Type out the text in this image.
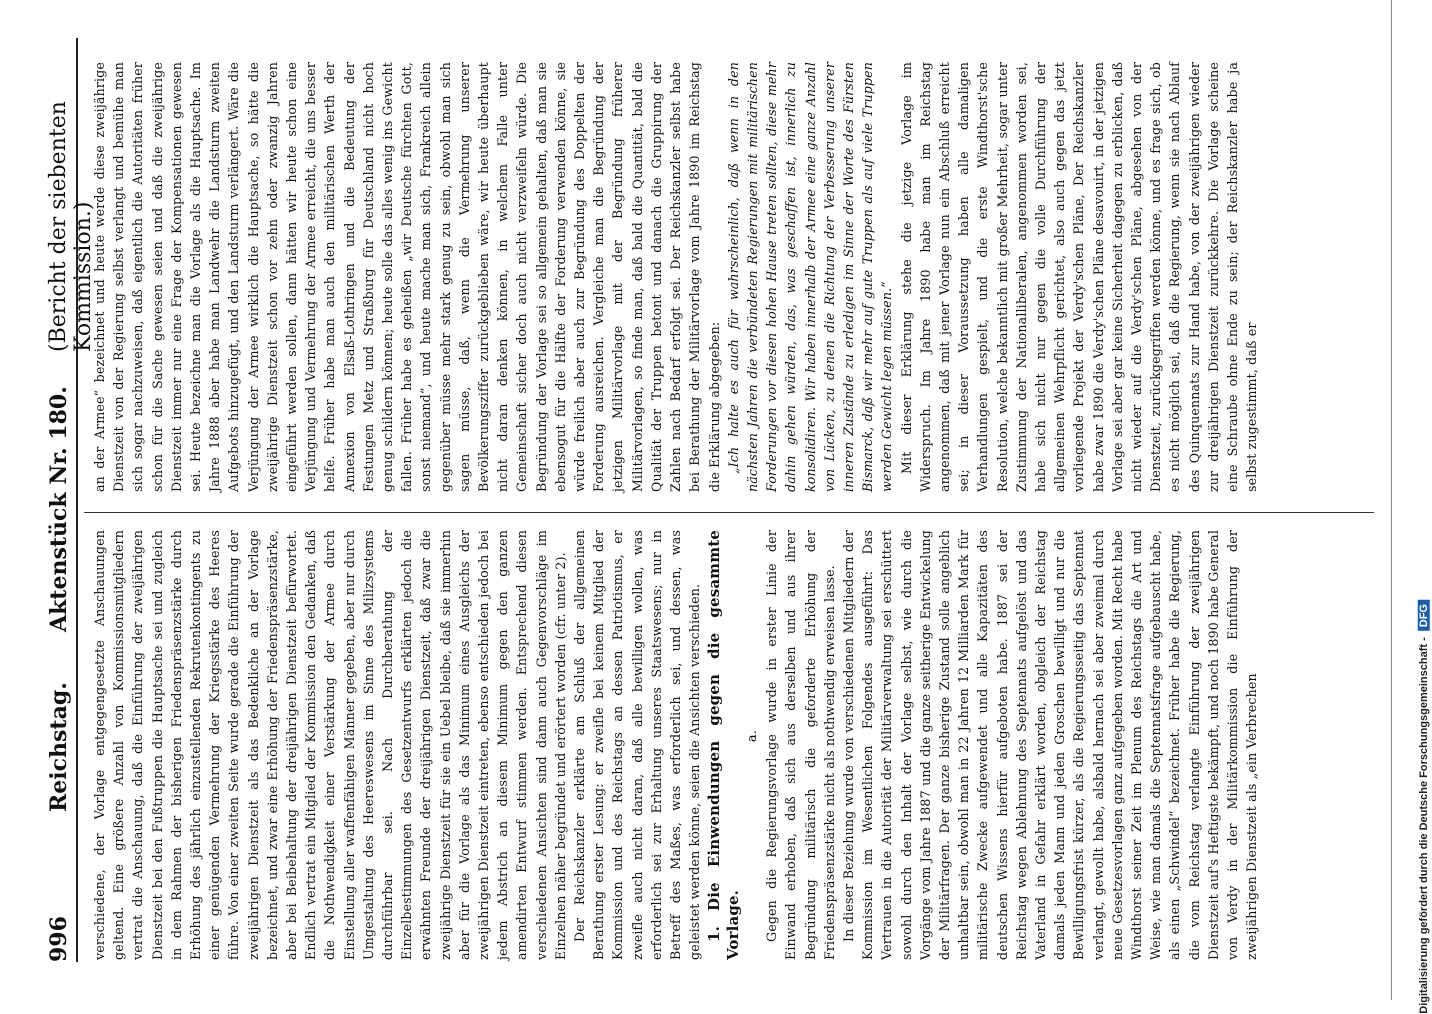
996
Reichstag.
Aktenstück Nr. 180.
(Bericht der siebenten Kommission.)

verschiedene, der Vorlage entgegengesetzte Anschauungen geltend. Eine größere Anzahl von Kommissionsmitgliedern vertrat die Anschauung, daß die Einführung der zweijährigen Dienstzeit bei den Fußtruppen die Hauptsache sei und zugleich in dem Rahmen der bisherigen Friedenspräsenzstärke durch Erhöhung des jährlich einzustellenden Rekrutenkontingents zu einer genügenden Vermehrung der Kriegsstärke des Heeres führe. Von einer zweiten Seite wurde gerade die Einführung der zweijährigen Dienstzeit als das Bedenkliche an der Vorlage bezeichnet, und zwar eine Erhöhung der Friedenspräsenzstärke, aber bei Beibehaltung der dreijährigen Dienstzeit befürwortet. Endlich vertrat ein Mitglied der Kommission den Gedanken, daß die Nothwendigkeit einer Verstärkung der Armee durch Einstellung aller waffenfähigen Männer gegeben, aber nur durch Umgestaltung des Heereswesens im Sinne des Milizsystems durchführbar sei. Nach Durchberathung der Einzelbestimmungen des Gesetzentwurfs erklärten jedoch die erwähnten Freunde der dreijährigen Dienstzeit, daß zwar die zweijährige Dienstzeit für sie ein Uebel bleibe, daß sie immerhin aber für die Vorlage als das Minimum eines Ausgleichs der zweijährigen Dienstzeit eintreten, ebenso entschieden jedoch bei jedem Abstrich an diesem Minimum gegen den ganzen amendirten Entwurf stimmen werden. Entsprechend diesen verschiedenen Ansichten sind dann auch Gegenvorschläge im Einzelnen näher begründet und erörtert worden (cfr. unter 2). Der Reichskanzler erklärte am Schluß der allgemeinen Berathung erster Lesung: er zweifle bei keinem Mitglied der Kommission und des Reichstags an dessen Patriotismus, er zweifle auch nicht daran, daß alle bewilligen wollen, was erforderlich sei zur Erhaltung unseres Staatswesens; nur in Betreff des Maßes, was erforderlich sei, und dessen, was geleistet werden könne, seien die Ansichten verschieden. 1. Die Einwendungen gegen die gesammte Vorlage.

a. Gegen die Regierungsvorlage wurde in erster Linie der Einwand erhoben, daß sich aus derselben und aus ihrer Begründung militärisch die geforderte Erhöhung der Friedenspräsenzstärke nicht als nothwendig erweisen lasse. In dieser Beziehung wurde von verschiedenen Mitgliedern der Kommission im Wesentlichen Folgendes ausgeführt: Das Vertrauen in die Autorität der Militärverwaltung sei erschüttert sowohl durch den Inhalt der Vorlage selbst, wie durch die Vorgänge vom Jahre 1887 und die ganze seitherige Entwickelung der Militärfragen. Der ganze bisherige Zustand solle angeblich unhaltbar sein, obwohl man in 22 Jahren 12 Milliarden Mark für militärische Zwecke aufgewendet und alle Kapazitäten des deutschen Wissens hierfür aufgeboten habe. 1887 sei der Reichstag wegen Ablehnung des Septennats aufgelöst und das Vaterland in Gefahr erklärt worden, obgleich der Reichstag damals jeden Mann und jeden Groschen bewilligt und nur die Bewilligungsfrist kürzer, als die Regierungsseitig das Septennat verlangt, gewollt habe, alsbald hernach sei aber zweimal durch neue Gesetzesvorlagen ganz aufgegeben worden. Mit Recht habe Windthorst seiner Zeit im Plenum des Reichstags die Art und Weise, wie man damals die Septennatsfrage aufgebauscht habe, als einen „Schwindel“ bezeichnet. Früher habe die Regierung, die vom Reichstag verlangte Einführung der zweijährigen Dienstzeit auf's Heftigste bekämpft, und noch 1890 habe General von Verdy in der Militärkommission die Einführung der zweijährigen Dienstzeit als „ein Verbrechen

an der Armee“ bezeichnet und heute werde diese zweijährige Dienstzeit von der Regierung selbst verlangt und bemühe man sich sogar nachzuweisen, daß eigentlich die Autoritäten früher schon für die Sache gewesen seien und daß die zweijährige Dienstzeit immer nur eine Frage der Kompensationen gewesen sei. Heute bezeichne man die Vorlage als die Hauptsache. Im Jahre 1888 aber habe man Landwehr die Landsturm zweiten Aufgebots hinzugefügt, und den Landsturm verlängert. Wäre die Verjüngung der Armee wirklich die Hauptsache, so hätte die zweijährige Dienstzeit schon vor zehn oder zwanzig Jahren eingeführt werden sollen, dann hätten wir heute schon eine Verjüngung und Vermehrung der Armee erreicht, die uns besser helfe. Früher habe man auch den militärischen Werth der Annexion von Elsaß-Lothringen und die Bedeutung der Festungen Metz und Straßburg für Deutschland nicht hoch genug schildern können; heute solle das alles wenig ins Gewicht fallen. Früher habe es geheißen „wir Deutsche fürchten Gott, sonst niemand“, und heute mache man sich, Frankreich allein gegenüber müsse mehr stark genug zu sein, obwohl man sich sagen müsse, daß, wenn die Vermehrung unserer Bevölkerungsziffer zurückgeblieben wäre, wir heute überhaupt nicht daran denken können, in welchem Falle unter Gemeinschaft sicher doch auch nicht verzweifeln würde. Die Begründung der Vorlage sei so allgemein gehalten, daß man sie ebensogut für die Hälfte der Forderung verwenden könne, sie würde freilich aber auch zur Begründung des Doppelten der Forderung ausreichen. Vergleiche man die Begründung der jetzigen Militärvorlage mit der Begründung früherer Militärvorlagen, so finde man, daß bald die Quantität, bald die Qualität der Truppen betont und danach die Gruppirung der Zahlen nach Bedarf erfolgt sei. Der Reichskanzler selbst habe bei Berathung der Militärvorlage vom Jahre 1890 im Reichstag die Erklärung abgegeben: „Ich halte es auch für wahrscheinlich, daß wenn in den nächsten Jahren die verbündeten Regierungen mit militärischen Forderungen vor diesen hohen Hause treten sollten, diese mehr dahin gehen würden, das, was geschaffen ist, innerlich zu konsolidiren. Wir haben innerhalb der Armee eine ganze Anzahl von Lücken, zu denen die Richtung der Verbesserung unserer inneren Zustände zu erledigen im Sinne der Worte des Fürsten Bismarck, daß wir mehr auf gute Truppen als auf viele Truppen werden Gewicht legen müssen.“ Mit dieser Erklärung stehe die jetzige Vorlage im Widerspruch. Im Jahre 1890 habe man im Reichstag angenommen, daß mit jener Vorlage nun ein Abschluß erreicht sei; in dieser Voraussetzung haben alle damaligen Verhandlungen gespielt, und die erste Windthorst'sche Resolution, welche bekanntlich mit großer Mehrheit, sogar unter Zustimmung der Nationalliberalen, angenommen worden sei, habe sich nicht nur gegen die volle Durchführung der allgemeinen Wehrpflicht gerichtet, also auch gegen das jetzt vorliegende Projekt der Verdy'schen Pläne, Der Reichskanzler habe zwar 1890 die Verdy'schen Pläne desavouirt, in der jetzigen Vorlage sei aber gar keine Sicherheit dagegen zu erblicken, daß nicht wieder auf die Verdy'schen Pläne, abgesehen von der Dienstzeit, zurückgegriffen werden könne, und es frage sich, ob es nicht möglich sei, daß die Regierung, wenn sie nach Ablauf des Quinquennats zur Hand habe, von der zweijährigen wieder zur dreijährigen Dienstzeit zurückkehre. Die Vorlage scheine eine Schraube ohne Ende zu sein; der Reichskanzler habe ja selbst zugestimmt, daß er

Digitalisierung gefördert durch die Deutsche Forschungsgemeinschaft -DFG
